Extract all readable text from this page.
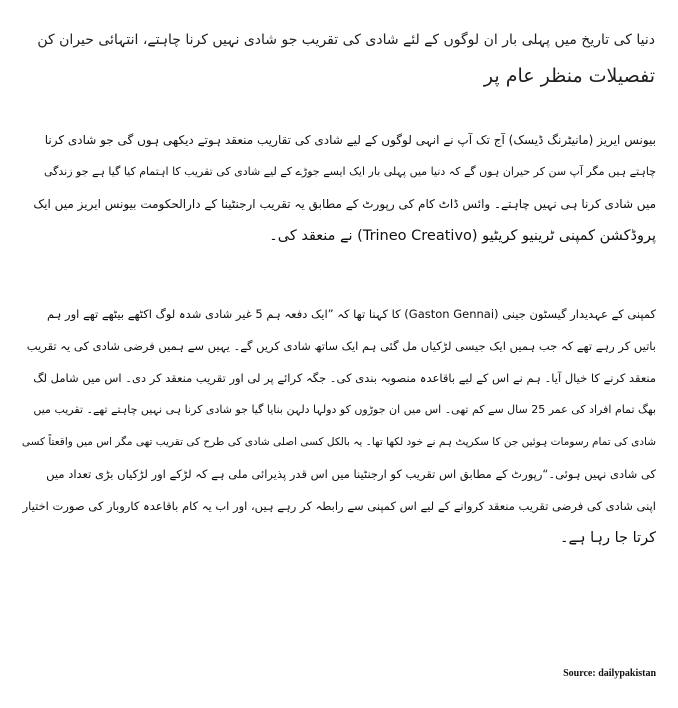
دنیا کی تاریخ میں پہلی بار ان لوگوں کے لئے شادی کی تقریب جو شادی نہیں کرنا چاہتے، انتہائی حیران کن
تفصیلات منظر عام پر
بیونس ایریز (مانیٹرنگ ڈیسک) آج تک آپ نے انہی لوگوں کے لیے شادی کی تقاریب منعقد ہوتے دیکھی ہوں گی جو شادی کرنا
چاہتے ہیں مگر آپ سن کر حیران ہوں گے کہ دنیا میں پہلی بار ایک ایسے جوڑے کے لیے شادی کی تقریب کا اہتمام کیا گیا ہے جو زندگی
میں شادی کرنا ہی نہیں چاہتے۔ وائس ڈاٹ کام کی رپورٹ کے مطابق یہ تقریب ارجنٹینا کے دارالحکومت بیونس ایریز میں ایک
پروڈکشن کمپنی ٹرینیو کریٹیو (Trineo Creativo) نے منعقد کی۔
کمپنی کے عہدیدار گیسٹون جینی (Gaston Gennai) کا کہنا تھا کہ ”ایک دفعہ ہم 5 غیر شادی شدہ لوگ اکٹھے بیٹھے تھے اور ہم
باتیں کر رہے تھے کہ جب ہمیں ایک جیسی لڑکیاں مل گئی ہم ایک ساتھ شادی کریں گے۔ یہیں سے ہمیں فرضی شادی کی یہ تقریب
منعقد کرنے کا خیال آیا۔ ہم نے اس کے لیے باقاعدہ منصوبہ بندی کی۔ جگہ کرائے پر لی اور تقریب منعقد کر دی۔ اس میں شامل لگ
بھگ تمام افراد کی عمر 25 سال سے کم تھی۔ اس میں ان جوڑوں کو دولہا دلہن بنایا گیا جو شادی کرنا ہی نہیں چاہتے تھے۔ تقریب میں
شادی کی تمام رسومات ہوئیں جن کا سکرپٹ ہم نے خود لکھا تھا۔ یہ بالکل کسی اصلی شادی کی طرح کی تقریب تھی مگر اس میں واقعتاً کسی
کی شادی نہیں ہوئی۔“رپورٹ کے مطابق اس تقریب کو ارجنٹینا میں اس قدر پذیرائی ملی ہے کہ لڑکے اور لڑکیاں بڑی تعداد میں
اپنی شادی کی فرضی تقریب منعقد کروانے کے لیے اس کمپنی سے رابطہ کر رہے ہیں، اور اب یہ کام باقاعدہ کاروبار کی صورت اختیار
کرتا جا رہا ہے۔
Source: dailypakistan
